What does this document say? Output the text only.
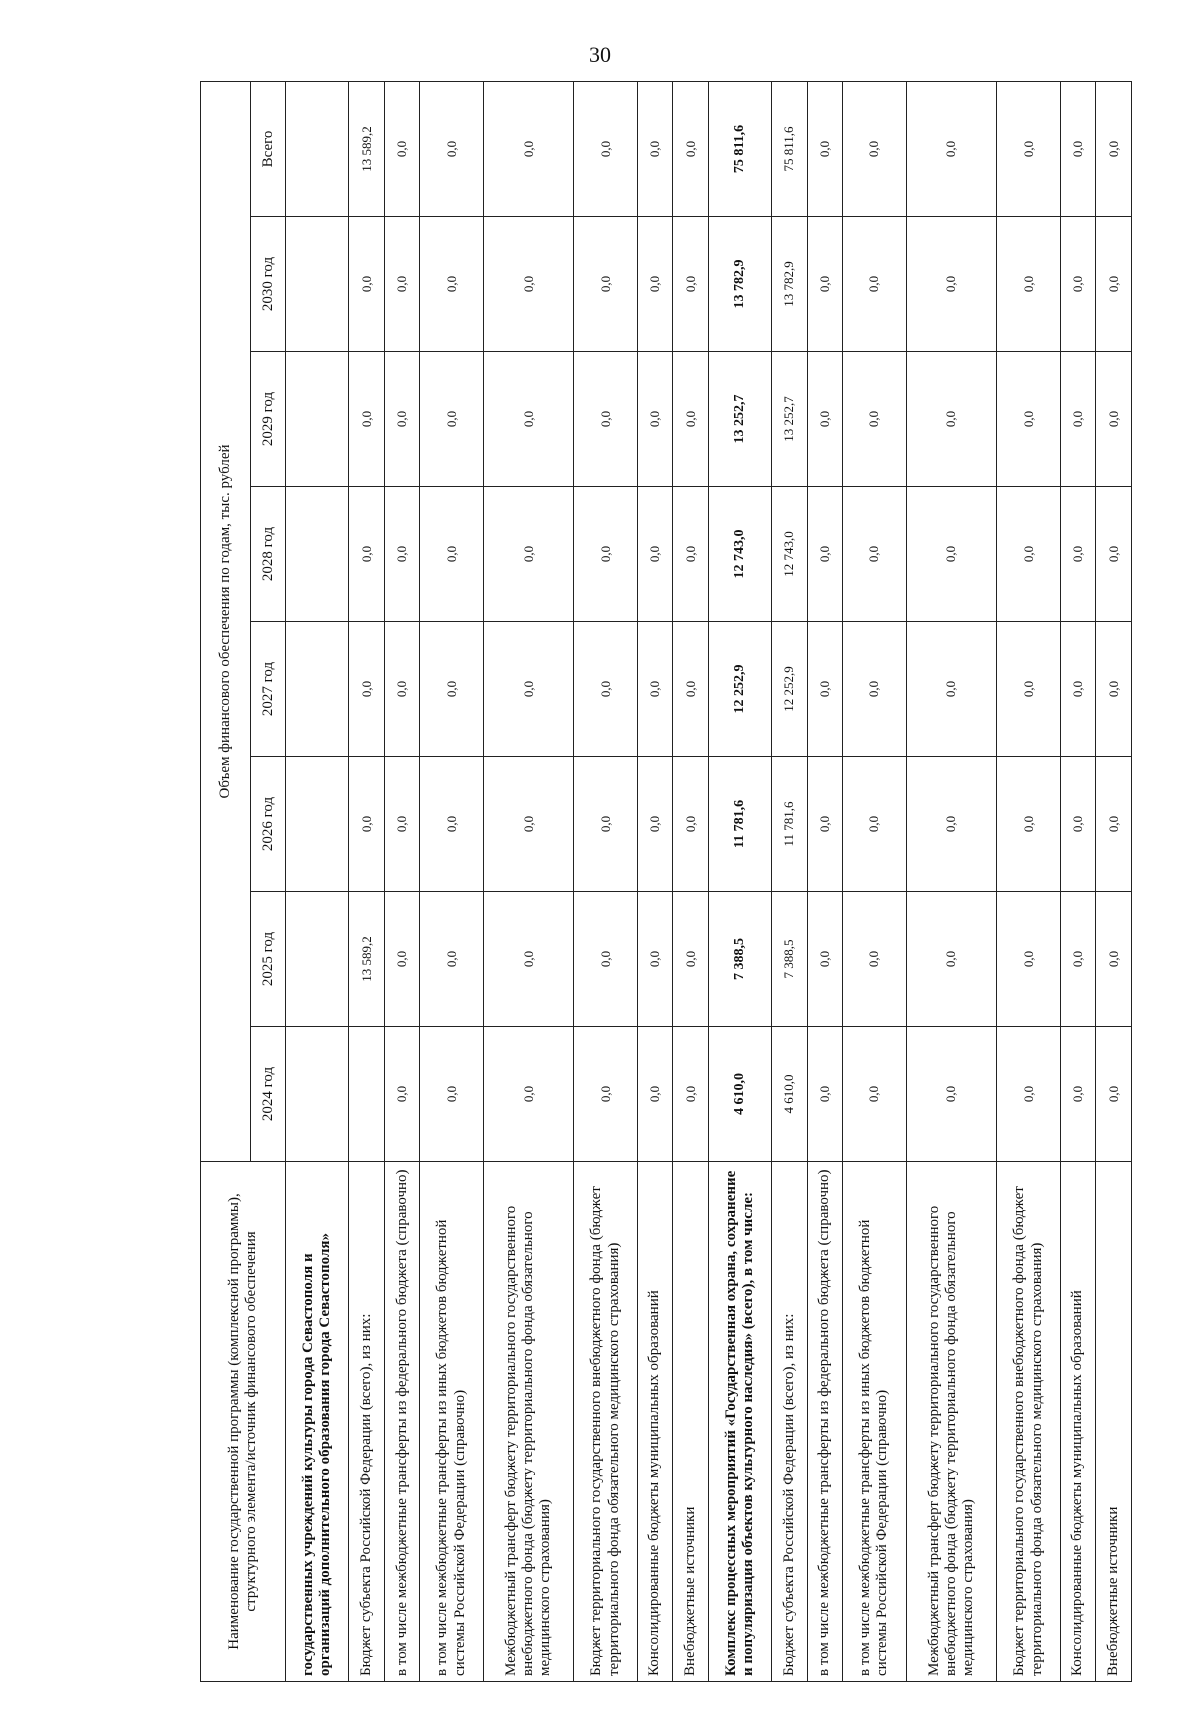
30
Наименование государственной программы (комплексной программы), структурного элемента/источник финансового обеспечения	Объем финансового обеспечения по годам, тыс. рублей							
	2024 год	2025 год	2026 год	2027 год	2028 год	2029 год	2030 год	Всего
государственных учреждений культуры города Севастополя и организаций дополнительного образования города Севастополя»								
Бюджет субъекта Российской Федерации (всего), из них:		13 589,2	0,0	0,0	0,0	0,0	0,0	13 589,2
в том числе межбюджетные трансферты из федерального бюджета (справочно)	0,0	0,0	0,0	0,0	0,0	0,0	0,0	0,0
в том числе межбюджетные трансферты из иных бюджетов бюджетной системы Российской Федерации (справочно)	0,0	0,0	0,0	0,0	0,0	0,0	0,0	0,0
Межбюджетный трансферт бюджету территориального государственного внебюджетного фонда (бюджету территориального фонда обязательного медицинского страхования)	0,0	0,0	0,0	0,0	0,0	0,0	0,0	0,0
Бюджет территориального государственного внебюджетного фонда (бюджет территориального фонда обязательного медицинского страхования)	0,0	0,0	0,0	0,0	0,0	0,0	0,0	0,0
Консолидированные бюджеты муниципальных образований	0,0	0,0	0,0	0,0	0,0	0,0	0,0	0,0
Внебюджетные источники	0,0	0,0	0,0	0,0	0,0	0,0	0,0	0,0
Комплекс процессных мероприятий «Государственная охрана, сохранение и популяризация объектов культурного наследия» (всего), в том числе:	4 610,0	7 388,5	11 781,6	12 252,9	12 743,0	13 252,7	13 782,9	75 811,6
Бюджет субъекта Российской Федерации (всего), из них:	4 610,0	7 388,5	11 781,6	12 252,9	12 743,0	13 252,7	13 782,9	75 811,6
в том числе межбюджетные трансферты из федерального бюджета (справочно)	0,0	0,0	0,0	0,0	0,0	0,0	0,0	0,0
в том числе межбюджетные трансферты из иных бюджетов бюджетной системы Российской Федерации (справочно)	0,0	0,0	0,0	0,0	0,0	0,0	0,0	0,0
Межбюджетный трансферт бюджету территориального государственного внебюджетного фонда (бюджету территориального фонда обязательного медицинского страхования)	0,0	0,0	0,0	0,0	0,0	0,0	0,0	0,0
Бюджет территориального государственного внебюджетного фонда (бюджет территориального фонда обязательного медицинского страхования)	0,0	0,0	0,0	0,0	0,0	0,0	0,0	0,0
Консолидированные бюджеты муниципальных образований	0,0	0,0	0,0	0,0	0,0	0,0	0,0	0,0
Внебюджетные источники	0,0	0,0	0,0	0,0	0,0	0,0	0,0	0,0
